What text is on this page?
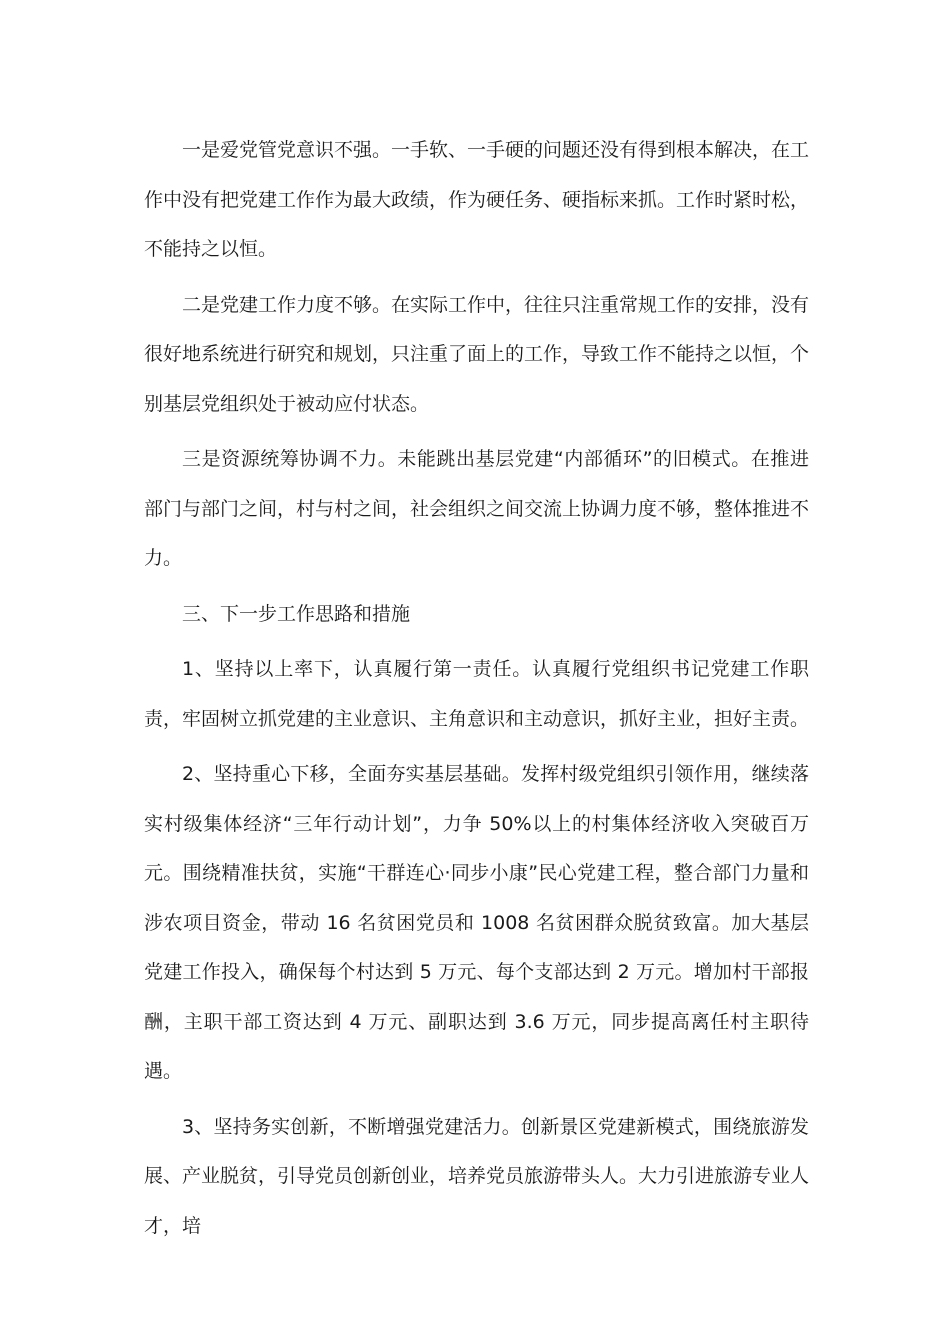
一是爱党管党意识不强。一手软、一手硬的问题还没有得到根本解决，在工作中没有把党建工作作为最大政绩，作为硬任务、硬指标来抓。工作时紧时松，不能持之以恒。

二是党建工作力度不够。在实际工作中，往往只注重常规工作的安排，没有很好地系统进行研究和规划，只注重了面上的工作，导致工作不能持之以恒，个别基层党组织处于被动应付状态。

三是资源统筹协调不力。未能跳出基层党建“内部循环”的旧模式。在推进部门与部门之间，村与村之间，社会组织之间交流上协调力度不够，整体推进不力。

三、下一步工作思路和措施

1、坚持以上率下，认真履行第一责任。认真履行党组织书记党建工作职责，牢固树立抓党建的主业意识、主角意识和主动意识，抓好主业，担好主责。

2、坚持重心下移，全面夯实基层基础。发挥村级党组织引领作用，继续落实村级集体经济“三年行动计划”，力争 50%以上的村集体经济收入突破百万元。围绕精准扶贫，实施“干群连心·同步小康”民心党建工程，整合部门力量和涉农项目资金，带动 16 名贫困党员和 1008 名贫困群众脱贫致富。加大基层党建工作投入，确保每个村达到 5 万元、每个支部达到 2 万元。增加村干部报酬，主职干部工资达到 4 万元、副职达到 3.6 万元，同步提高离任村主职待遇。

3、坚持务实创新，不断增强党建活力。创新景区党建新模式，围绕旅游发展、产业脱贫，引导党员创新创业，培养党员旅游带头人。大力引进旅游专业人才，培
